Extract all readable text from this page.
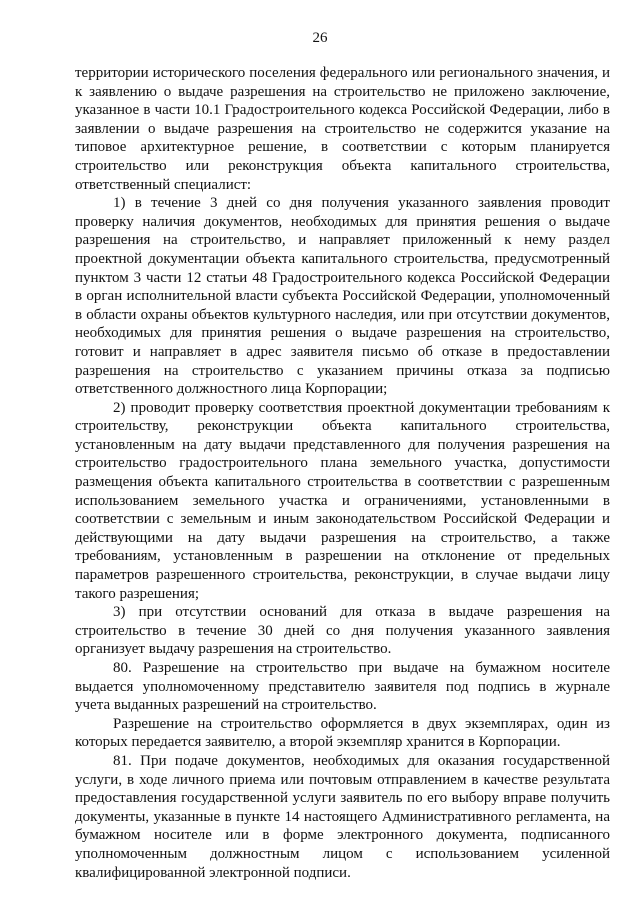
26

территории исторического поселения федерального или регионального значения, и к заявлению о выдаче разрешения на строительство не приложено заключение, указанное в части 10.1 Градостроительного кодекса Российской Федерации, либо в заявлении о выдаче разрешения на строительство не содержится указание на типовое архитектурное решение, в соответствии с которым планируется строительство или реконструкция объекта капитального строительства, ответственный специалист:

1) в течение 3 дней со дня получения указанного заявления проводит проверку наличия документов, необходимых для принятия решения о выдаче разрешения на строительство, и направляет приложенный к нему раздел проектной документации объекта капитального строительства, предусмотренный пунктом 3 части 12 статьи 48 Градостроительного кодекса Российской Федерации в орган исполнительной власти субъекта Российской Федерации, уполномоченный в области охраны объектов культурного наследия, или при отсутствии документов, необходимых для принятия решения о выдаче разрешения на строительство, готовит и направляет в адрес заявителя письмо об отказе в предоставлении разрешения на строительство с указанием причины отказа за подписью ответственного должностного лица Корпорации;

2) проводит проверку соответствия проектной документации требованиям к строительству, реконструкции объекта капитального строительства, установленным на дату выдачи представленного для получения разрешения на строительство градостроительного плана земельного участка, допустимости размещения объекта капитального строительства в соответствии с разрешенным использованием земельного участка и ограничениями, установленными в соответствии с земельным и иным законодательством Российской Федерации и действующими на дату выдачи разрешения на строительство, а также требованиям, установленным в разрешении на отклонение от предельных параметров разрешенного строительства, реконструкции, в случае выдачи лицу такого разрешения;

3) при отсутствии оснований для отказа в выдаче разрешения на строительство в течение 30 дней со дня получения указанного заявления организует выдачу разрешения на строительство.

80. Разрешение на строительство при выдаче на бумажном носителе выдается уполномоченному представителю заявителя под подпись в журнале учета выданных разрешений на строительство.

Разрешение на строительство оформляется в двух экземплярах, один из которых передается заявителю, а второй экземпляр хранится в Корпорации.

81. При подаче документов, необходимых для оказания государственной услуги, в ходе личного приема или почтовым отправлением в качестве результата предоставления государственной услуги заявитель по его выбору вправе получить документы, указанные в пункте 14 настоящего Административного регламента, на бумажном носителе или в форме электронного документа, подписанного уполномоченным должностным лицом с использованием усиленной квалифицированной электронной подписи.
